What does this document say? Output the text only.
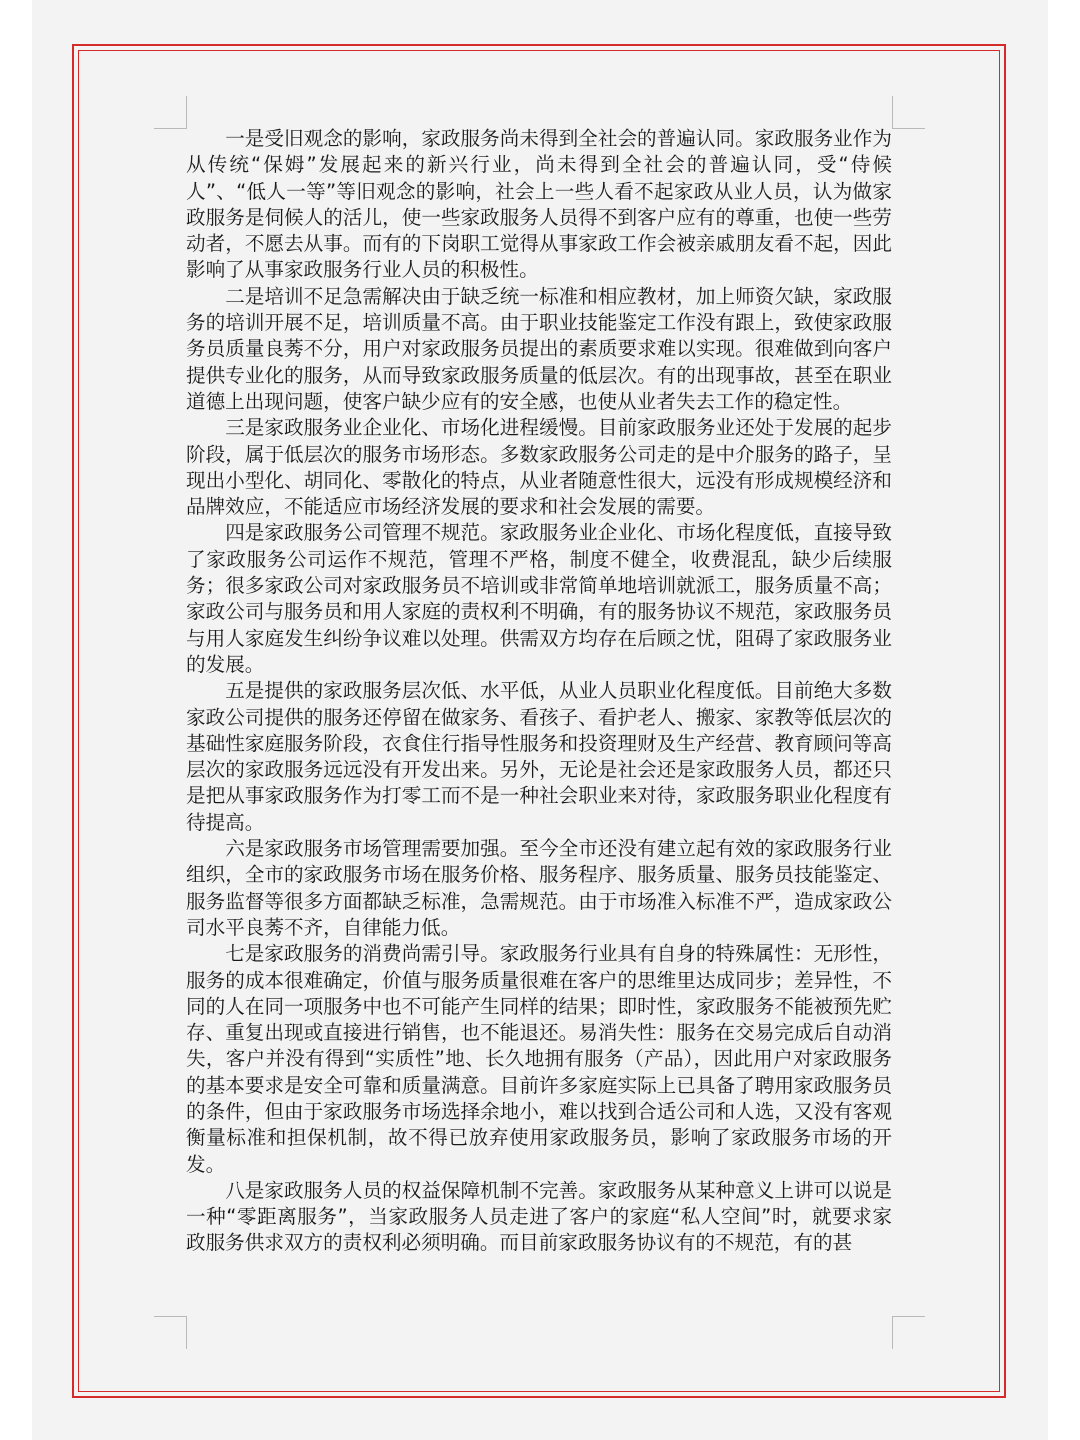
一是受旧观念的影响，家政服务尚未得到全社会的普遍认同。家政服务业作为从传统“保姆”发展起来的新兴行业，尚未得到全社会的普遍认同，受“侍候人”、“低人一等”等旧观念的影响，社会上一些人看不起家政从业人员，认为做家政服务是伺候人的活儿，使一些家政服务人员得不到客户应有的尊重，也使一些劳动者，不愿去从事。而有的下岗职工觉得从事家政工作会被亲戚朋友看不起，因此影响了从事家政服务行业人员的积极性。

二是培训不足急需解决由于缺乏统一标准和相应教材，加上师资欠缺，家政服务的培训开展不足，培训质量不高。由于职业技能鉴定工作没有跟上，致使家政服务员质量良莠不分，用户对家政服务员提出的素质要求难以实现。很难做到向客户提供专业化的服务，从而导致家政服务质量的低层次。有的出现事故，甚至在职业道德上出现问题，使客户缺少应有的安全感，也使从业者失去工作的稳定性。

三是家政服务业企业化、市场化进程缓慢。目前家政服务业还处于发展的起步阶段，属于低层次的服务市场形态。多数家政服务公司走的是中介服务的路子，呈现出小型化、胡同化、零散化的特点，从业者随意性很大，远没有形成规模经济和品牌效应，不能适应市场经济发展的要求和社会发展的需要。

四是家政服务公司管理不规范。家政服务业企业化、市场化程度低，直接导致了家政服务公司运作不规范，管理不严格，制度不健全，收费混乱，缺少后续服务；很多家政公司对家政服务员不培训或非常简单地培训就派工，服务质量不高；家政公司与服务员和用人家庭的责权利不明确，有的服务协议不规范，家政服务员与用人家庭发生纠纷争议难以处理。供需双方均存在后顾之忧，阻碍了家政服务业的发展。

五是提供的家政服务层次低、水平低，从业人员职业化程度低。目前绝大多数家政公司提供的服务还停留在做家务、看孩子、看护老人、搬家、家教等低层次的基础性家庭服务阶段，衣食住行指导性服务和投资理财及生产经营、教育顾问等高层次的家政服务远远没有开发出来。另外，无论是社会还是家政服务人员，都还只是把从事家政服务作为打零工而不是一种社会职业来对待，家政服务职业化程度有待提高。

六是家政服务市场管理需要加强。至今全市还没有建立起有效的家政服务行业组织，全市的家政服务市场在服务价格、服务程序、服务质量、服务员技能鉴定、服务监督等很多方面都缺乏标准，急需规范。由于市场准入标准不严，造成家政公司水平良莠不齐，自律能力低。

七是家政服务的消费尚需引导。家政服务行业具有自身的特殊属性：无形性，服务的成本很难确定，价值与服务质量很难在客户的思维里达成同步；差异性，不同的人在同一项服务中也不可能产生同样的结果；即时性，家政服务不能被预先贮存、重复出现或直接进行销售，也不能退还。易消失性：服务在交易完成后自动消失，客户并没有得到“实质性”地、长久地拥有服务（产品），因此用户对家政服务的基本要求是安全可靠和质量满意。目前许多家庭实际上已具备了聘用家政服务员的条件，但由于家政服务市场选择余地小，难以找到合适公司和人选，又没有客观衡量标准和担保机制，故不得已放弃使用家政服务员，影响了家政服务市场的开发。

八是家政服务人员的权益保障机制不完善。家政服务从某种意义上讲可以说是一种“零距离服务”，当家政服务人员走进了客户的家庭“私人空间”时，就要求家政服务供求双方的责权利必须明确。而目前家政服务协议有的不规范，有的甚
